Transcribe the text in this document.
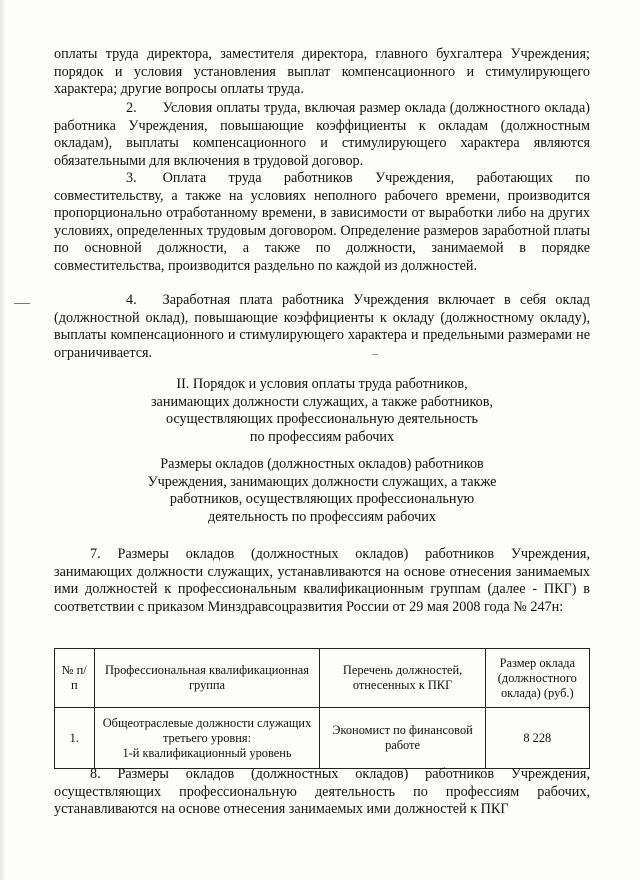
оплаты труда директора, заместителя директора, главного бухгалтера Учреждения; порядок и условия установления выплат компенсационного и стимулирующего характера; другие вопросы оплаты труда.

2. Условия оплаты труда, включая размер оклада (должностного оклада) работника Учреждения, повышающие коэффициенты к окладам (должностным окладам), выплаты компенсационного и стимулирующего характера являются обязательными для включения в трудовой договор.

3. Оплата труда работников Учреждения, работающих по совместительству, а также на условиях неполного рабочего времени, производится пропорционально отработанному времени, в зависимости от выработки либо на других условиях, определенных трудовым договором. Определение размеров заработной платы по основной должности, а также по должности, занимаемой в порядке совместительства, производится раздельно по каждой из должностей.

4. Заработная плата работника Учреждения включает в себя оклад (должностной оклад), повышающие коэффициенты к окладу (должностному окладу), выплаты компенсационного и стимулирующего характера и предельными размерами не ограничивается.

II. Порядок и условия оплаты труда работников,
занимающих должности служащих, а также работников,
осуществляющих профессиональную деятельность
по профессиям рабочих
Размеры окладов (должностных окладов) работников
Учреждения, занимающих должности служащих, а также
работников, осуществляющих профессиональную
деятельность по профессиям рабочих

7. Размеры окладов (должностных окладов) работников Учреждения, занимающих должности служащих, устанавливаются на основе отнесения занимаемых ими должностей к профессиональным квалификационным группам (далее - ПКГ) в соответствии с приказом Минздравсоцразвития России от 29 мая 2008 года № 247н:

№ п/п	Профессиональная квалификационная группа	Перечень должностей, отнесенных к ПКГ	Размер оклада (должностного оклада) (руб.)
1.	Общеотраслевые должности служащих третьего уровня:
1-й квалификационный уровень	Экономист по финансовой работе	8 228

8. Размеры окладов (должностных окладов) работников Учреждения, осуществляющих профессиональную деятельность по профессиям рабочих, устанавливаются на основе отнесения занимаемых ими должностей к ПКГ
